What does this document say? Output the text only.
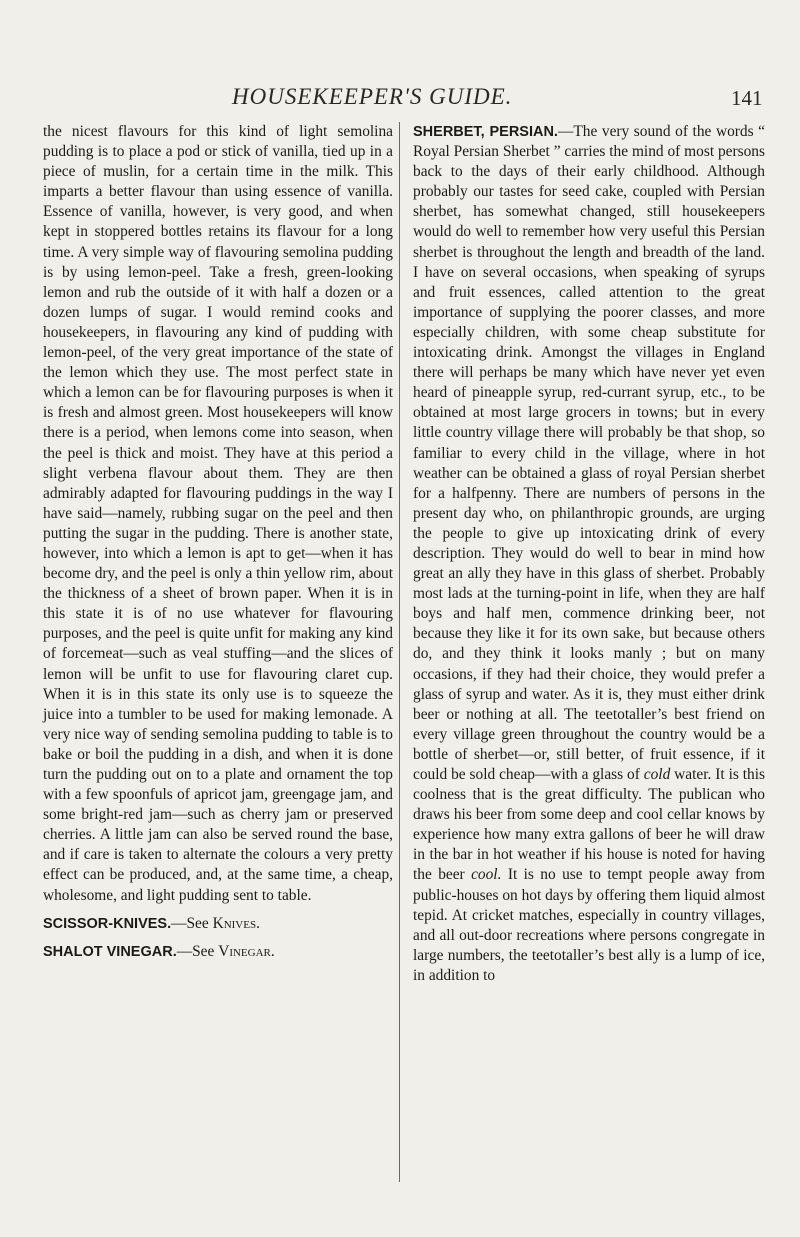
HOUSEKEEPER'S GUIDE.	141

the nicest flavours for this kind of light semolina pudding is to place a pod or stick of vanilla, tied up in a piece of muslin, for a certain time in the milk. This imparts a better flavour than using essence of vanilla. Essence of vanilla, however, is very good, and when kept in stoppered bottles retains its flavour for a long time. A very simple way of flavouring semolina pudding is by using lemon-peel. Take a fresh, green-looking lemon and rub the outside of it with half a dozen or a dozen lumps of sugar. I would remind cooks and housekeepers, in flavouring any kind of pudding with lemon-peel, of the very great importance of the state of the lemon which they use. The most perfect state in which a lemon can be for flavouring purposes is when it is fresh and almost green. Most housekeepers will know there is a period, when lemons come into season, when the peel is thick and moist. They have at this period a slight verbena flavour about them. They are then admirably adapted for flavouring puddings in the way I have said—namely, rubbing sugar on the peel and then putting the sugar in the pudding. There is another state, however, into which a lemon is apt to get—when it has become dry, and the peel is only a thin yellow rim, about the thickness of a sheet of brown paper. When it is in this state it is of no use whatever for flavouring purposes, and the peel is quite unfit for making any kind of forcemeat—such as veal stuffing—and the slices of lemon will be unfit to use for flavouring claret cup. When it is in this state its only use is to squeeze the juice into a tumbler to be used for making lemonade. A very nice way of sending semolina pudding to table is to bake or boil the pudding in a dish, and when it is done turn the pudding out on to a plate and ornament the top with a few spoonfuls of apricot jam, greengage jam, and some bright-red jam—such as cherry jam or preserved cherries. A little jam can also be served round the base, and if care is taken to alternate the colours a very pretty effect can be produced, and, at the same time, a cheap, wholesome, and light pudding sent to table.

SCISSOR-KNIVES.—See Knives.

SHALOT VINEGAR.—See Vinegar.

SHERBET, PERSIAN.—The very sound of the words “ Royal Persian Sherbet ” carries the mind of most persons back to the days of their early childhood. Although probably our tastes for seed cake, coupled with Persian sherbet, has somewhat changed, still housekeepers would do well to remember how very useful this Persian sherbet is throughout the length and breadth of the land. I have on several occasions, when speaking of syrups and fruit essences, called attention to the great importance of supplying the poorer classes, and more especially children, with some cheap substitute for intoxicating drink. Amongst the villages in England there will perhaps be many which have never yet even heard of pineapple syrup, red-currant syrup, etc., to be obtained at most large grocers in towns; but in every little country village there will probably be that shop, so familiar to every child in the village, where in hot weather can be obtained a glass of royal Persian sherbet for a halfpenny. There are numbers of persons in the present day who, on philanthropic grounds, are urging the people to give up intoxicating drink of every description. They would do well to bear in mind how great an ally they have in this glass of sherbet. Probably most lads at the turning-point in life, when they are half boys and half men, commence drinking beer, not because they like it for its own sake, but because others do, and they think it looks manly ; but on many occasions, if they had their choice, they would prefer a glass of syrup and water. As it is, they must either drink beer or nothing at all. The teetotaller’s best friend on every village green throughout the country would be a bottle of sherbet—or, still better, of fruit essence, if it could be sold cheap—with a glass of cold water. It is this coolness that is the great difficulty. The publican who draws his beer from some deep and cool cellar knows by experience how many extra gallons of beer he will draw in the bar in hot weather if his house is noted for having the beer cool. It is no use to tempt people away from public-houses on hot days by offering them liquid almost tepid. At cricket matches, especially in country villages, and all out-door recreations where persons congregate in large numbers, the teetotaller’s best ally is a lump of ice, in addition to
